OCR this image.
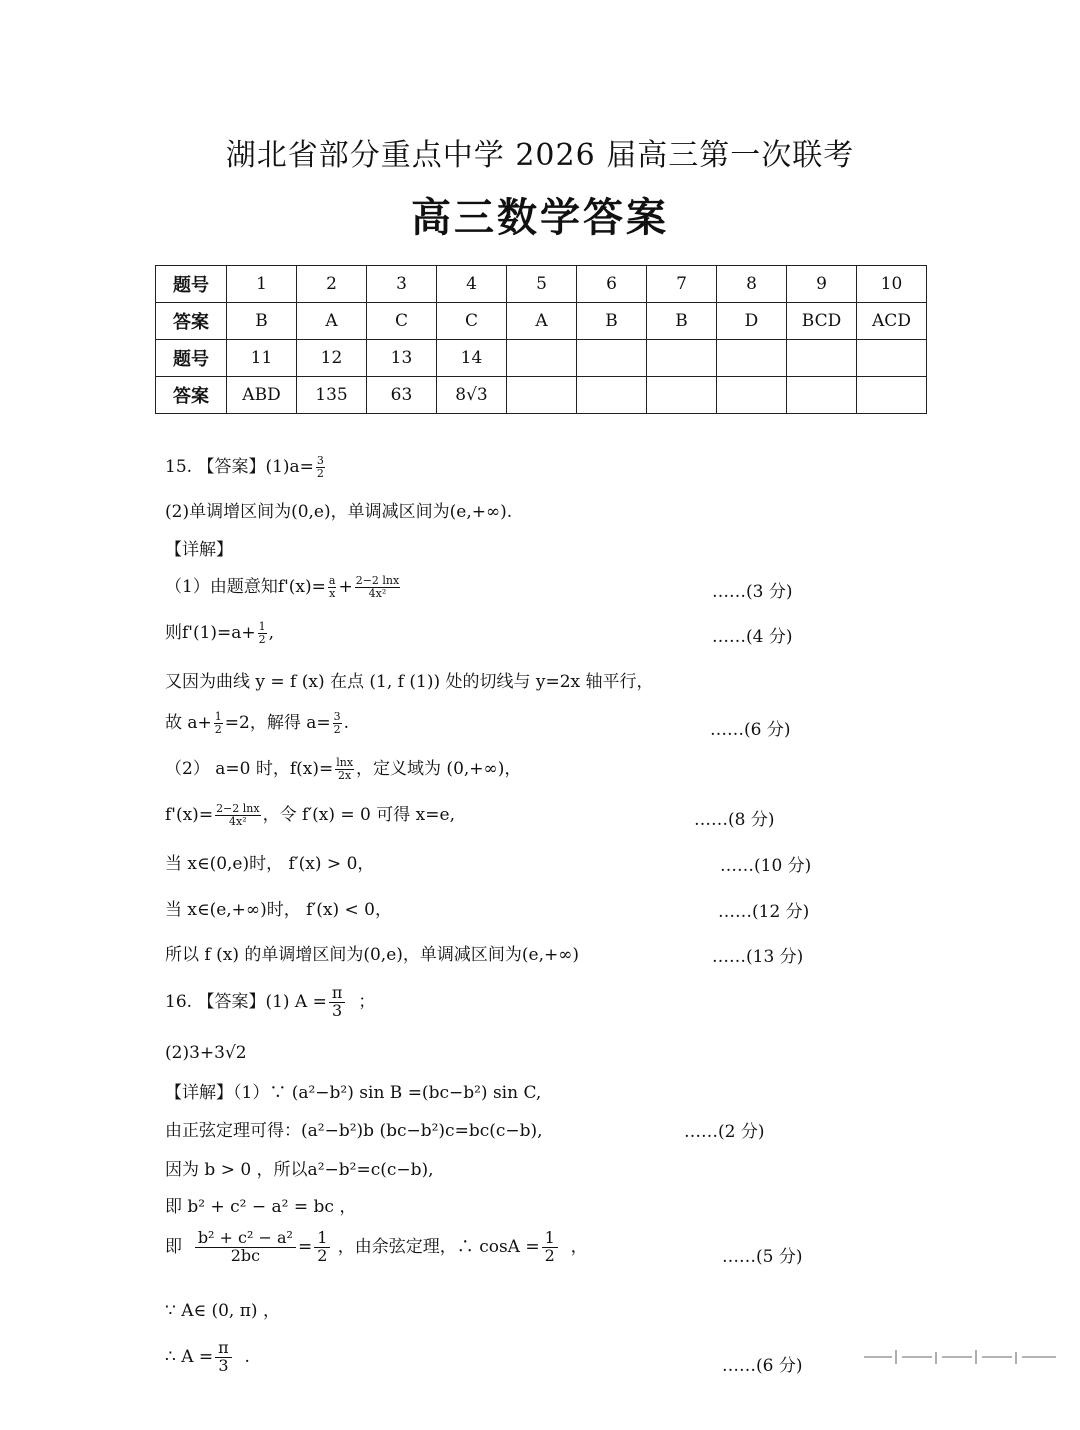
湖北省部分重点中学 2026 届高三第一次联考
高三数学答案
题号	1	2	3	4	5	6	7	8	9	10
答案	B	A	C	C	A	B	B	D	BCD	ACD
题号	11	12	13	14						
答案	ABD	135	63	8√3						
15. 【答案】$(1)a= \frac{3}{2}$
(2)单调增区间为(0,e)，单调减区间为(e,+∞).
【详解】
（1）由题意知$f'(x)= \frac{a}{x} + \frac{2-2 \ln x}{\text{4x²}}$	……(3 分)
则$f'(1)=a+ \frac{1}{2}$ ,	……(4 分)
又因为曲线 y = f (x) 在点 (1, f (1)) 处的切线与 y=2x 轴平行，
故 $a+ \frac{1}{2} =2$，解得 $a= \frac{3}{2}$ .	……(6 分)
（2） a=0 时，$f(x)= \frac{\ln x}{2x}$ ，定义域为 (0,+∞)，
$f'(x)= \frac{2-2 \ln x}{\text{4x²}}$ ，令 f′(x) = 0 可得 x=e,	……(8 分)
当 x∈(0,e)时， f′(x) > 0，	……(10 分)
当 x∈(e,+∞)时， f′(x) < 0，	……(12 分)
所以 f (x) 的单调增区间为(0,e)，单调减区间为(e,+∞)	……(13 分)
16. 【答案】(1) $A = \frac{\pi}{3}$ ；
(2)3+3√2
【详解】（1）∵ (a²−b²) sin B =(bc−b²) sin C,
由正弦定理可得：(a²−b²)b (bc−b²)c=bc(c−b),	……(2 分)
因为 b > 0 ，所以a²−b²=c(c−b),
即 b² + c² − a² = bc ，
即 $\frac{\text{b² + c² − a²}}{2bc} = \frac{1}{2}$ ，由余弦定理，∴ $\cos A = \frac{1}{2}$ ，
……(5 分)
∵ A∈ (0, π) ，
∴ $A = \frac{\pi}{3}$ .	……(6 分)
